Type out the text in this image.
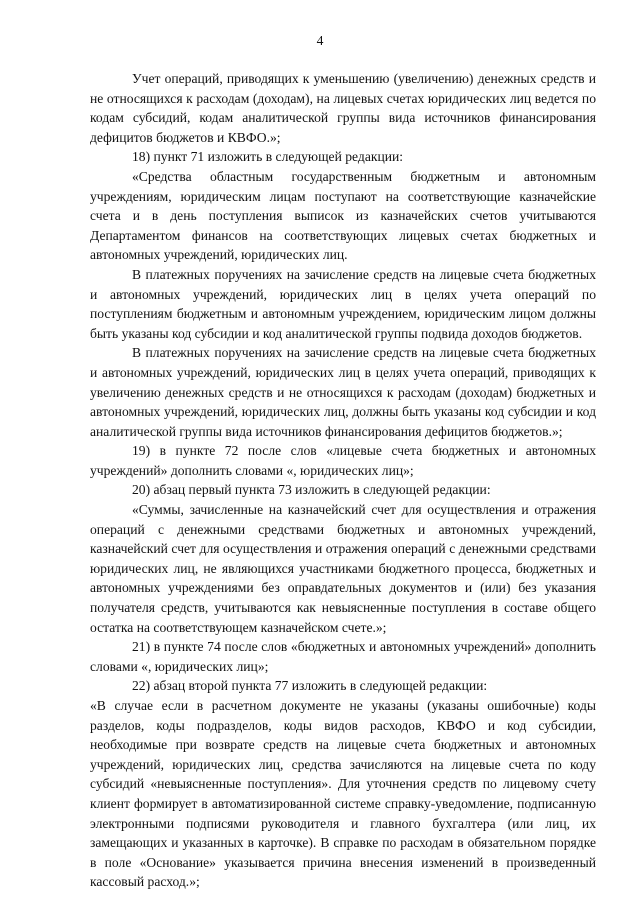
4

Учет операций, приводящих к уменьшению (увеличению) денежных средств и не относящихся к расходам (доходам), на лицевых счетах юридических лиц ведется по кодам субсидий, кодам аналитической группы вида источников финансирования дефицитов бюджетов и КВФО.»;

18) пункт 71 изложить в следующей редакции:

«Средства областным государственным бюджетным и автономным учреждениям, юридическим лицам поступают на соответствующие казначейские счета и в день поступления выписок из казначейских счетов учитываются Департаментом финансов на соответствующих лицевых счетах бюджетных и автономных учреждений, юридических лиц.

В платежных поручениях на зачисление средств на лицевые счета бюджетных и автономных учреждений, юридических лиц в целях учета операций по поступлениям бюджетным и автономным учреждением, юридическим лицом должны быть указаны код субсидии и код аналитической группы подвида доходов бюджетов.

В платежных поручениях на зачисление средств на лицевые счета бюджетных и автономных учреждений, юридических лиц в целях учета операций, приводящих к увеличению денежных средств и не относящихся к расходам (доходам) бюджетных и автономных учреждений, юридических лиц, должны быть указаны код субсидии и код аналитической группы вида источников финансирования дефицитов бюджетов.»;

19) в пункте 72 после слов «лицевые счета бюджетных и автономных учреждений» дополнить словами «, юридических лиц»;

20) абзац первый пункта 73 изложить в следующей редакции:

«Суммы, зачисленные на казначейский счет для осуществления и отражения операций с денежными средствами бюджетных и автономных учреждений, казначейский счет для осуществления и отражения операций с денежными средствами юридических лиц, не являющихся участниками бюджетного процесса, бюджетных и автономных учреждениями без оправдательных документов и (или) без указания получателя средств, учитываются как невыясненные поступления в составе общего остатка на соответствующем казначейском счете.»;

21) в пункте 74 после слов «бюджетных и автономных учреждений» дополнить словами «, юридических лиц»;

22) абзац второй пункта 77 изложить в следующей редакции:

«В случае если в расчетном документе не указаны (указаны ошибочные) коды разделов, коды подразделов, коды видов расходов, КВФО и код субсидии, необходимые при возврате средств на лицевые счета бюджетных и автономных учреждений, юридических лиц, средства зачисляются на лицевые счета по коду субсидий «невыясненные поступления». Для уточнения средств по лицевому счету клиент формирует в автоматизированной системе справку-уведомление, подписанную электронными подписями руководителя и главного бухгалтера (или лиц, их замещающих и указанных в карточке). В справке по расходам в обязательном порядке в поле «Основание» указывается причина внесения изменений в произведенный кассовый расход.»;
